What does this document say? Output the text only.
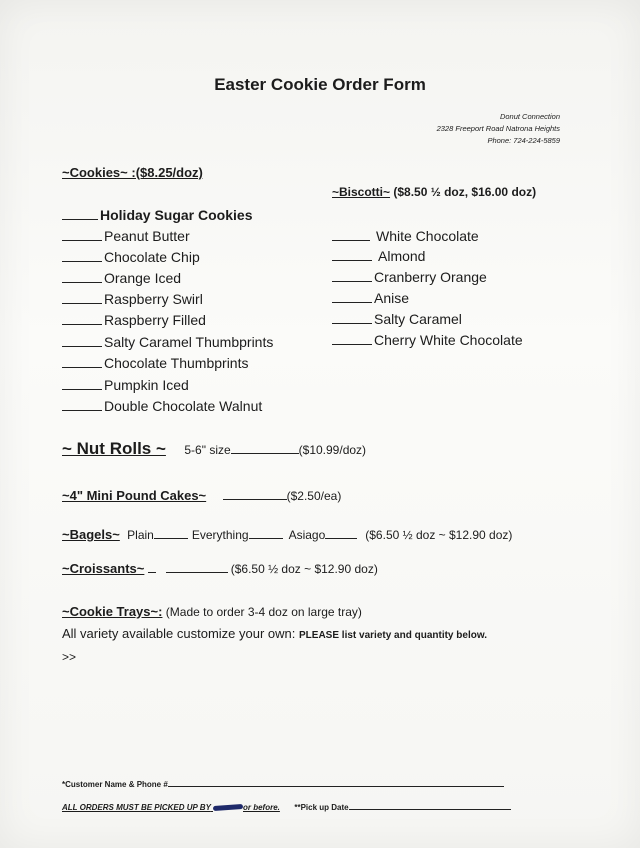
Easter Cookie Order Form
Donut Connection
2328 Freeport Road Natrona Heights
Phone: 724-224-5859
~Cookies~ :($8.25/doz)
Holiday Sugar Cookies
Peanut Butter
Chocolate Chip
Orange Iced
Raspberry Swirl
Raspberry Filled
Salty Caramel Thumbprints
Chocolate Thumbprints
Pumpkin Iced
Double Chocolate Walnut
~Biscotti~ ($8.50 ½ doz, $16.00 doz)
White Chocolate
Almond
Cranberry Orange
Anise
Salty Caramel
Cherry White Chocolate
~ Nut Rolls ~ 5-6" size	($10.99/doz)
~4" Mini Pound Cakes~	($2.50/ea)
~Bagels~ Plain	Everything	Asiago	($6.50 ½ doz ~ $12.90 doz)
~Croissants~	($6.50 ½ doz ~ $12.90 doz)
~Cookie Trays~: (Made to order 3-4 doz on large tray)
All variety available customize your own: PLEASE list variety and quantity below.
>>
*Customer Name & Phone #
ALL ORDERS MUST BE PICKED UP BY	or before. **Pick up Date
